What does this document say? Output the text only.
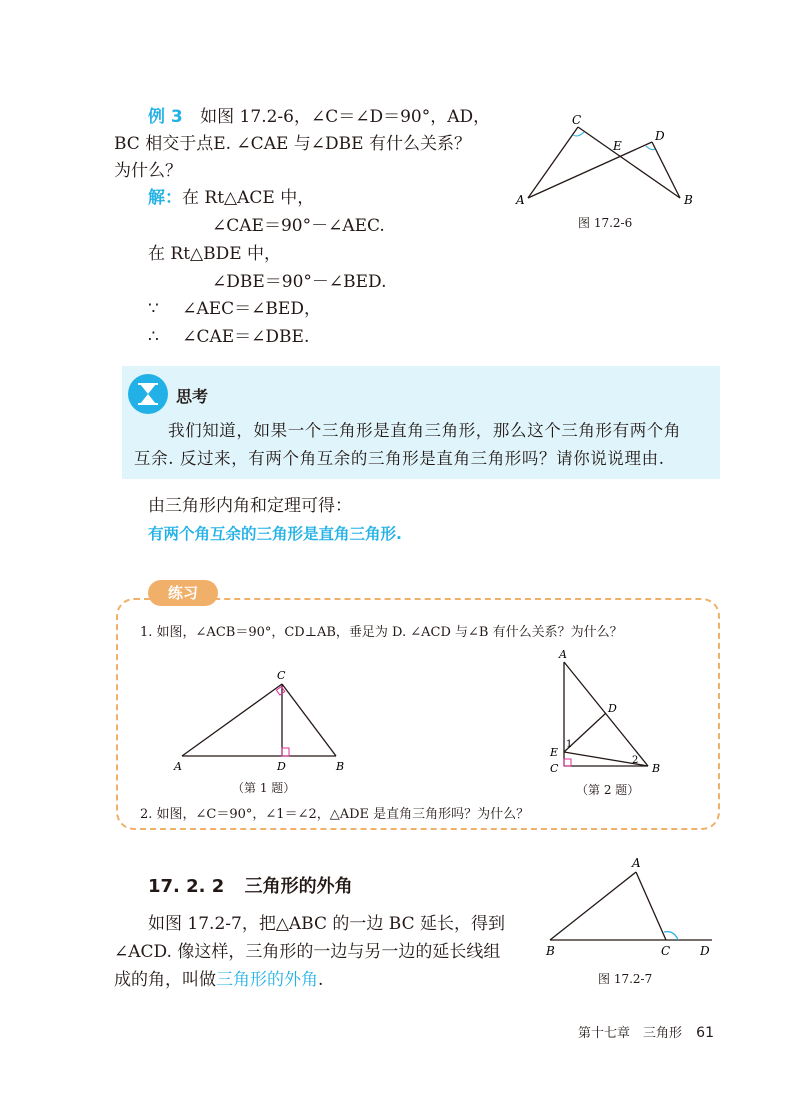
例 3 如图 17.2-6，∠C＝∠D＝90°，AD，
BC 相交于点E. ∠CAE 与∠DBE 有什么关系？
为什么？
解：在 Rt△ACE 中，
∠CAE＝90°－∠AEC.
在 Rt△BDE 中，
∠DBE＝90°－∠BED.
∵ ∠AEC＝∠BED，
∴ ∠CAE＝∠DBE.
A	B
C
D
E
图 17.2-6
思考
我们知道，如果一个三角形是直角三角形，那么这个三角形有两个角
互余. 反过来，有两个角互余的三角形是直角三角形吗？请你说说理由.
由三角形内角和定理可得：
有两个角互余的三角形是直角三角形.
练习
1. 如图，∠ACB＝90°，CD⊥AB，垂足为 D. ∠ACD 与∠B 有什么关系？为什么？
A	B
C
D
（第 1 题）
A
B
C
D
E
1
2
（第 2 题）
2. 如图，∠C＝90°，∠1＝∠2，△ADE 是直角三角形吗？为什么？
17. 2. 2 三角形的外角
如图 17.2-7，把△ABC 的一边 BC 延长，得到
∠ACD. 像这样，三角形的一边与另一边的延长线组
成的角，叫做三角形的外角.
A
B	C D
图 17.2-7
第十七章　三角形 61
